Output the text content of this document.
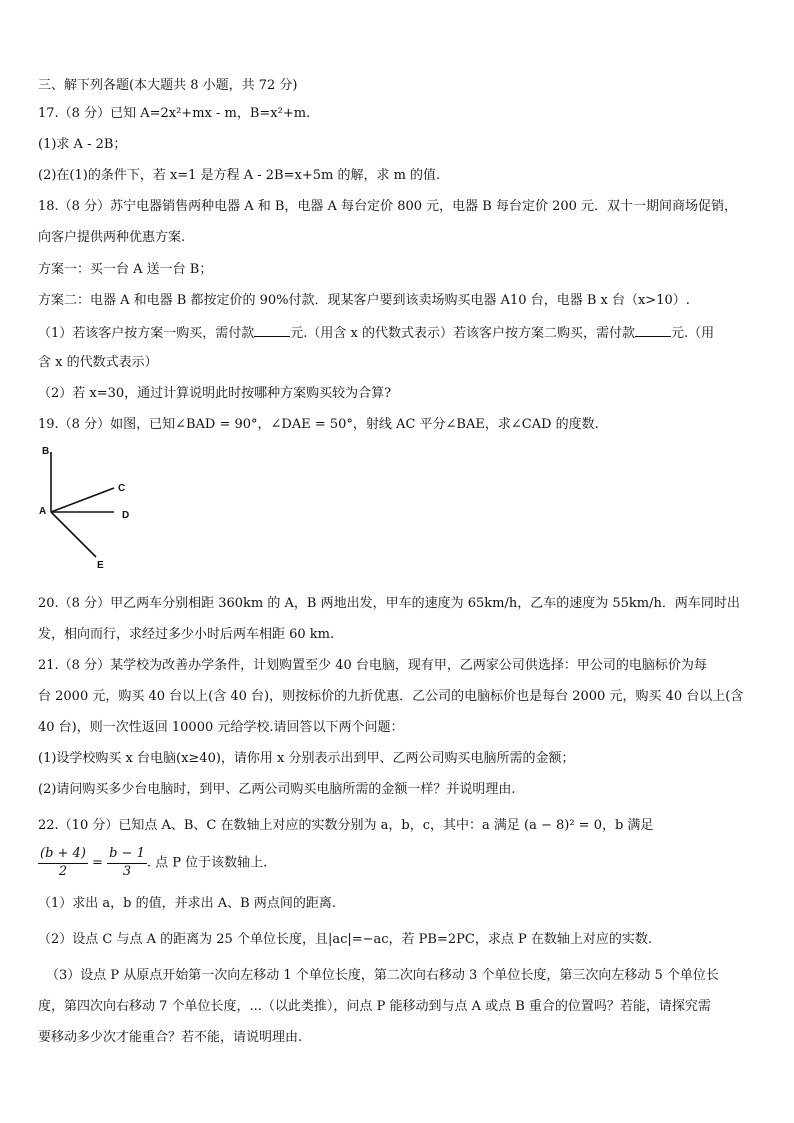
三、解下列各题(本大题共 8 小题，共 72 分)
17.（8 分）已知 A=2x²+mx - m，B=x²+m.
(1)求 A - 2B；
(2)在(1)的条件下，若 x=1 是方程 A - 2B=x+5m 的解，求 m 的值.
18.（8 分）苏宁电器销售两种电器 A 和 B，电器 A 每台定价 800 元，电器 B 每台定价 200 元．双十一期间商场促销，
向客户提供两种优惠方案.
方案一：买一台 A 送一台 B；
方案二：电器 A 和电器 B 都按定价的 90%付款．现某客户要到该卖场购买电器 A10 台，电器 B x 台（x>10）.
（1）若该客户按方案一购买，需付款	元.（用含 x 的代数式表示）若该客户按方案二购买，需付款	元.（用
含 x 的代数式表示）
（2）若 x=30，通过计算说明此时按哪种方案购买较为合算?
19.（8 分）如图，已知∠BAD = 90°，∠DAE = 50°，射线 AC 平分∠BAE，求∠CAD 的度数.
B
C
A	D
E
20.（8 分）甲乙两车分别相距 360km 的 A，B 两地出发，甲车的速度为 65km/h，乙车的速度为 55km/h．两车同时出
发，相向而行，求经过多少小时后两车相距 60 km.
21.（8 分）某学校为改善办学条件，计划购置至少 40 台电脑，现有甲，乙两家公司供选择：甲公司的电脑标价为每
台 2000 元，购买 40 台以上(含 40 台)，则按标价的九折优惠．乙公司的电脑标价也是每台 2000 元，购买 40 台以上(含
40 台)，则一次性返回 10000 元给学校.请回答以下两个问题：
(1)设学校购买 x 台电脑(x≥40)，请你用 x 分别表示出到甲、乙两公司购买电脑所需的金额；
(2)请问购买多少台电脑时，到甲、乙两公司购买电脑所需的金额一样？并说明理由.
22.（10 分）已知点 A、B、C 在数轴上对应的实数分别为 a，b，c，其中：a 满足 (a − 8)² = 0，b 满足
$\frac{(b + 4)}{2} = \frac{b - 1}{3}$ . 点 P 位于该数轴上.
（1）求出 a，b 的值，并求出 A、B 两点间的距离.
（2）设点 C 与点 A 的距离为 25 个单位长度，且|ac|=−ac，若 PB=2PC，求点 P 在数轴上对应的实数.
（3）设点 P 从原点开始第一次向左移动 1 个单位长度，第二次向右移动 3 个单位长度，第三次向左移动 5 个单位长
度，第四次向右移动 7 个单位长度，...（以此类推），问点 P 能移动到与点 A 或点 B 重合的位置吗？若能，请探究需
要移动多少次才能重合？若不能，请说明理由.
